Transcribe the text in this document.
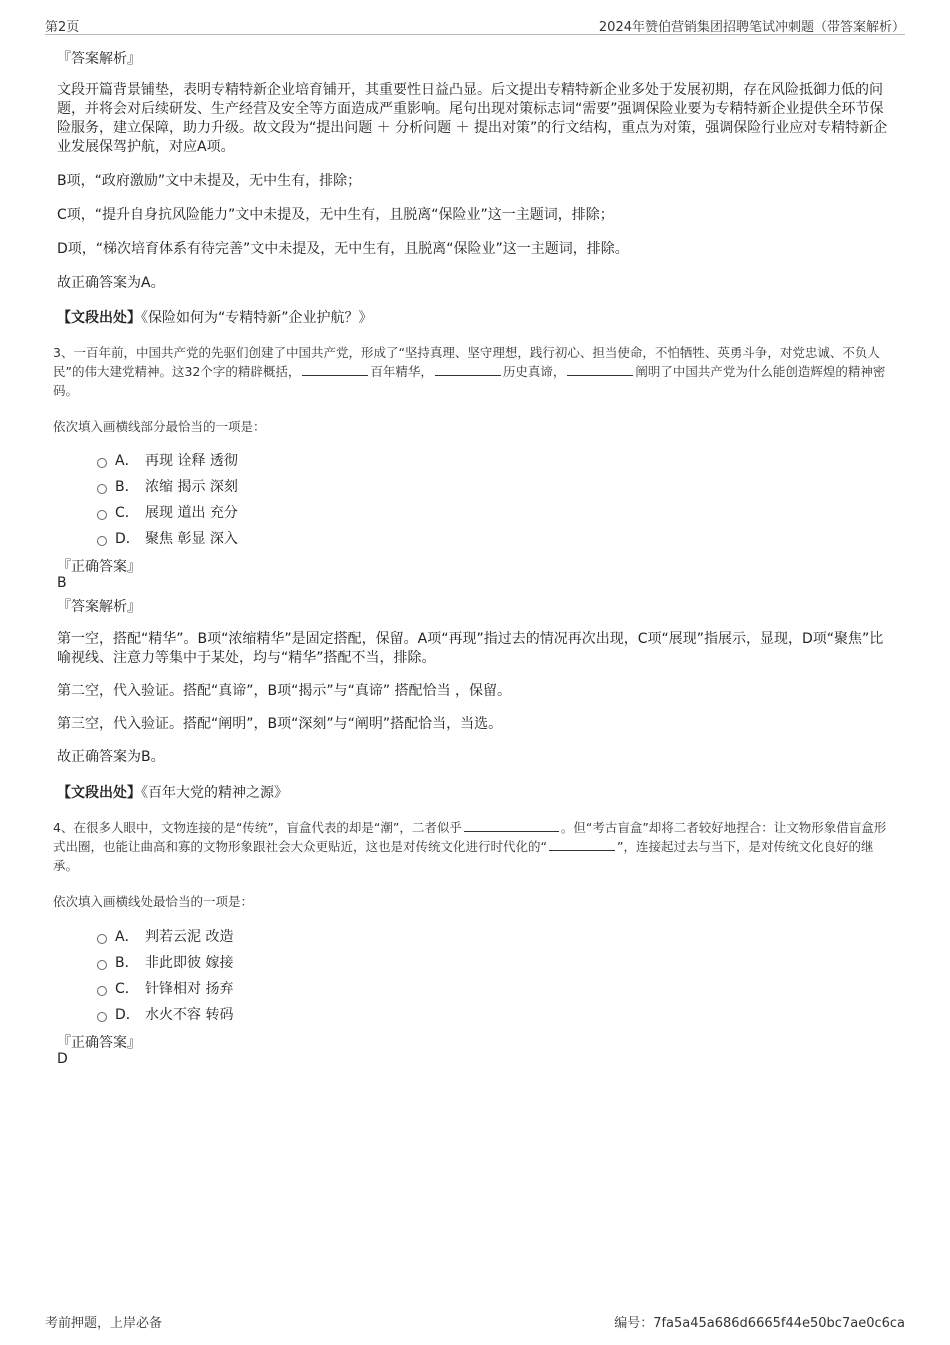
第2页	2024年赞伯营销集团招聘笔试冲刺题（带答案解析）
『答案解析』
文段开篇背景铺垫，表明专精特新企业培育铺开，其重要性日益凸显。后文提出专精特新企业多处于发展初期，存在风险抵御力低的问题，并将会对后续研发、生产经营及安全等方面造成严重影响。尾句出现对策标志词“需要”强调保险业要为专精特新企业提供全环节保险服务，建立保障，助力升级。故文段为“提出问题 ＋ 分析问题 ＋ 提出对策”的行文结构，重点为对策，强调保险行业应对专精特新企业发展保驾护航，对应A项。
B项，“政府激励”文中未提及，无中生有，排除；
C项，“提升自身抗风险能力”文中未提及，无中生有，且脱离“保险业”这一主题词，排除；
D项，“梯次培育体系有待完善”文中未提及，无中生有，且脱离“保险业”这一主题词，排除。
故正确答案为A。
【文段出处】《保险如何为“专精特新”企业护航？》
3、一百年前，中国共产党的先驱们创建了中国共产党，形成了“坚持真理、坚守理想，践行初心、担当使命，不怕牺牲、英勇斗争，对党忠诚、不负人民”的伟大建党精神。这32个字的精辟概括，	百年精华，	历史真谛，	阐明了中国共产党为什么能创造辉煌的精神密码。
依次填入画横线部分最恰当的一项是：
A． 再现 诠释 透彻
B． 浓缩 揭示 深刻
C． 展现 道出 充分
D． 聚焦 彰显 深入
『正确答案』
B
『答案解析』
第一空，搭配“精华”。B项“浓缩精华”是固定搭配，保留。A项“再现”指过去的情况再次出现，C项“展现”指展示，显现，D项“聚焦”比喻视线、注意力等集中于某处，均与“精华”搭配不当，排除。
第二空，代入验证。搭配“真谛”，B项“揭示”与“真谛” 搭配恰当 ，保留。
第三空，代入验证。搭配“阐明”，B项“深刻”与“阐明”搭配恰当，当选。
故正确答案为B。
【文段出处】《百年大党的精神之源》
4、在很多人眼中，文物连接的是“传统”，盲盒代表的却是“潮”，二者似乎	。但“考古盲盒”却将二者较好地捏合：让文物形象借盲盒形式出圈，也能让曲高和寡的文物形象跟社会大众更贴近，这也是对传统文化进行时代化的“	”，连接起过去与当下，是对传统文化良好的继承。
依次填入画横线处最恰当的一项是：
A． 判若云泥 改造
B． 非此即彼 嫁接
C． 针锋相对 扬弃
D． 水火不容 转码
『正确答案』
D
考前押题，上岸必备	编号：7fa5a45a686d6665f44e50bc7ae0c6ca
